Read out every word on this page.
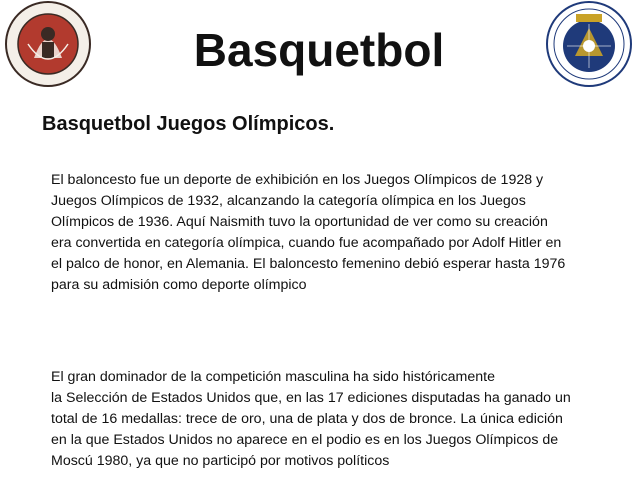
Basquetbol
Basquetbol Juegos Olímpicos.
El baloncesto fue un deporte de exhibición en los Juegos Olímpicos de 1928 y
Juegos Olímpicos de 1932, alcanzando la categoría olímpica en los Juegos
Olímpicos de 1936. Aquí Naismith tuvo la oportunidad de ver como su creación
era convertida en categoría olímpica, cuando fue acompañado por Adolf Hitler en
el palco de honor, en Alemania. El baloncesto femenino debió esperar hasta 1976
para su admisión como deporte olímpico
El gran dominador de la competición masculina ha sido históricamente
la Selección de Estados Unidos que, en las 17 ediciones disputadas ha ganado un
total de 16 medallas: trece de oro, una de plata y dos de bronce. La única edición
en la que Estados Unidos no aparece en el podio es en los Juegos Olímpicos de
Moscú 1980, ya que no participó por motivos políticos
